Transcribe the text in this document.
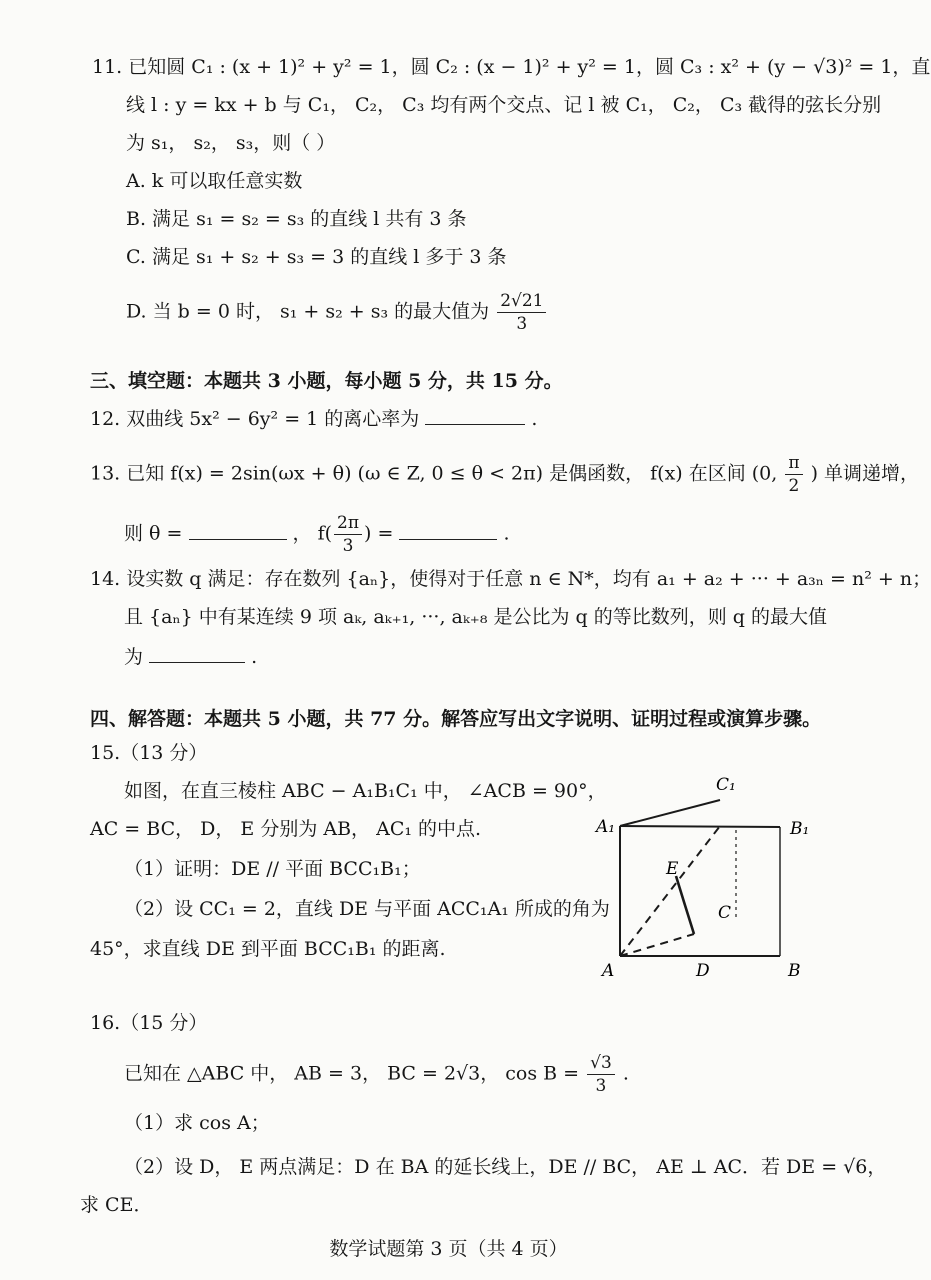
11. 已知圆 C₁ : (x + 1)² + y² = 1，圆 C₂ : (x − 1)² + y² = 1，圆 C₃ : x² + (y − √3)² = 1，直
线 l : y = kx + b 与 C₁， C₂， C₃ 均有两个交点、记 l 被 C₁， C₂， C₃ 截得的弦长分别
为 s₁， s₂， s₃，则（ ）
A. k 可以取任意实数
B. 满足 s₁ = s₂ = s₃ 的直线 l 共有 3 条
C. 满足 s₁ + s₂ + s₃ = 3 的直线 l 多于 3 条
D. 当 b = 0 时， s₁ + s₂ + s₃ 的最大值为 $\frac{2√21}{3}$
三、填空题：本题共 3 小题，每小题 5 分，共 15 分。
12. 双曲线 5x² − 6y² = 1 的离心率为	.
13. 已知 f(x) = 2sin(ωx + θ) (ω ∈ Z, 0 ≤ θ < 2π) 是偶函数， f(x) 在区间 (0, $\frac{\pi}{2}$ ) 单调递增，
则 θ =	， $f( \frac{2\pi}{3}$ ) =	.
14. 设实数 q 满足：存在数列 {aₙ}，使得对于任意 n ∈ N*，均有 a₁ + a₂ + ··· + a₃ₙ = n² + n；
且 {aₙ} 中有某连续 9 项 aₖ, aₖ₊₁, ···, aₖ₊₈ 是公比为 q 的等比数列，则 q 的最大值
为	.
四、解答题：本题共 5 小题，共 77 分。解答应写出文字说明、证明过程或演算步骤。
15.（13 分）
如图，在直三棱柱 ABC − A₁B₁C₁ 中， ∠ACB = 90°，
AC = BC， D， E 分别为 AB， AC₁ 的中点.
（1）证明：DE // 平面 BCC₁B₁；
（2）设 CC₁ = 2，直线 DE 与平面 ACC₁A₁ 所成的角为
45°，求直线 DE 到平面 BCC₁B₁ 的距离.
C₁
A₁	B₁
E
C
A	D	B
16.（15 分）
已知在 △ABC 中， AB = 3， BC = 2√3， $\cos B = \frac{√3}{3}$ .
（1）求 cos A；
（2）设 D， E 两点满足：D 在 BA 的延长线上，DE // BC， AE ⊥ AC．若 DE = √6，
求 CE．
数学试题第 3 页（共 4 页）
